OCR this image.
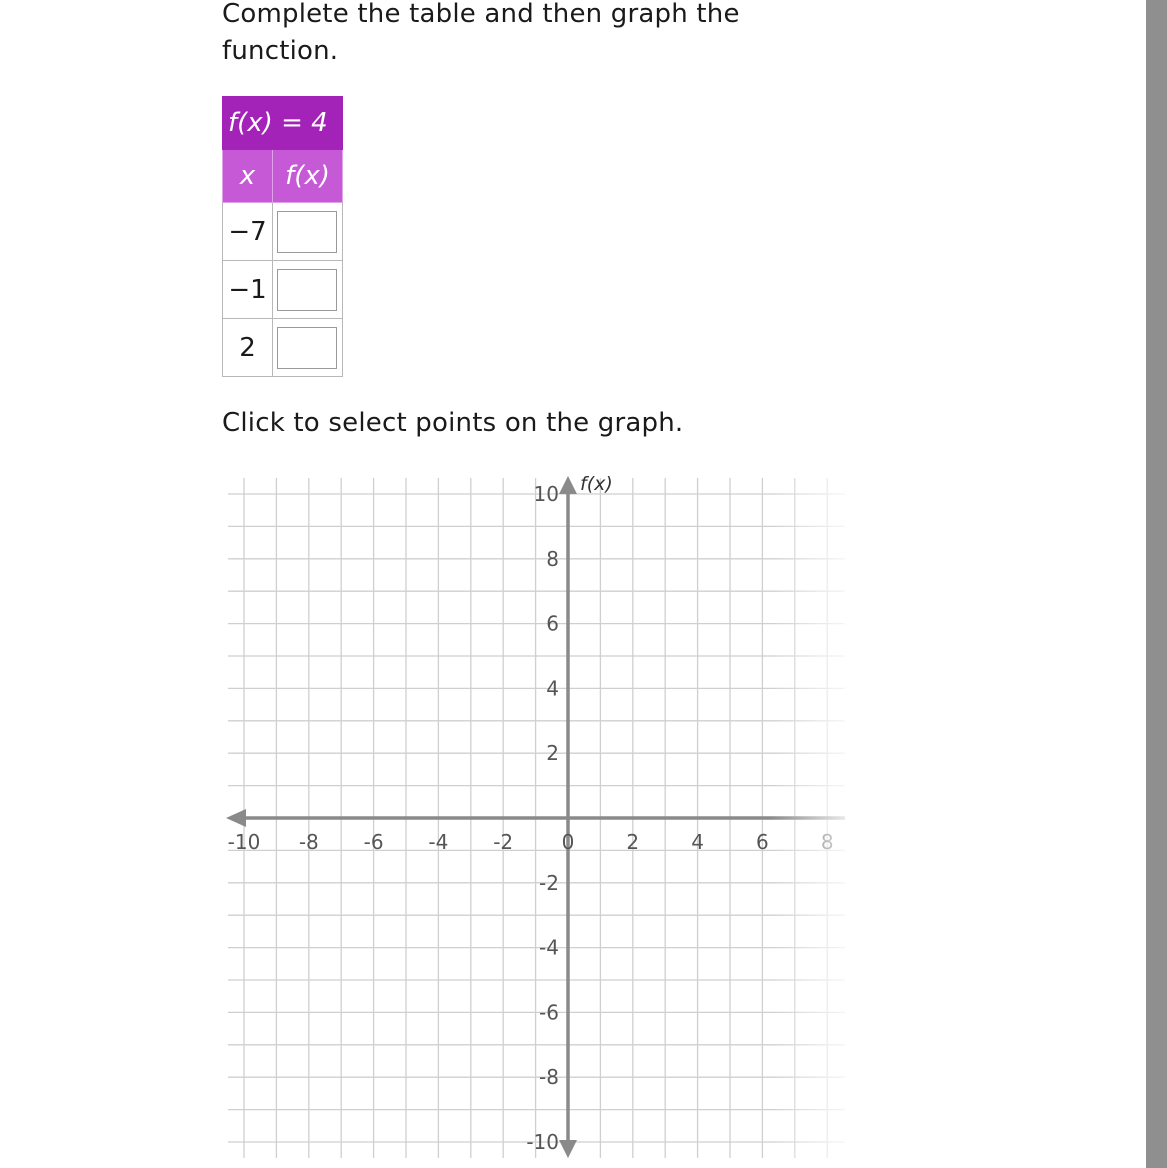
Complete the table and then graph the function.

f(x) = 4	
x	f(x)
−7	

−1	

2	

Click to select points on the graph.

-10 -8 -6 -4 -2 0	2	4	6
10
8
6
4
2
-2
-4
-6
-8
-10
f(x)
